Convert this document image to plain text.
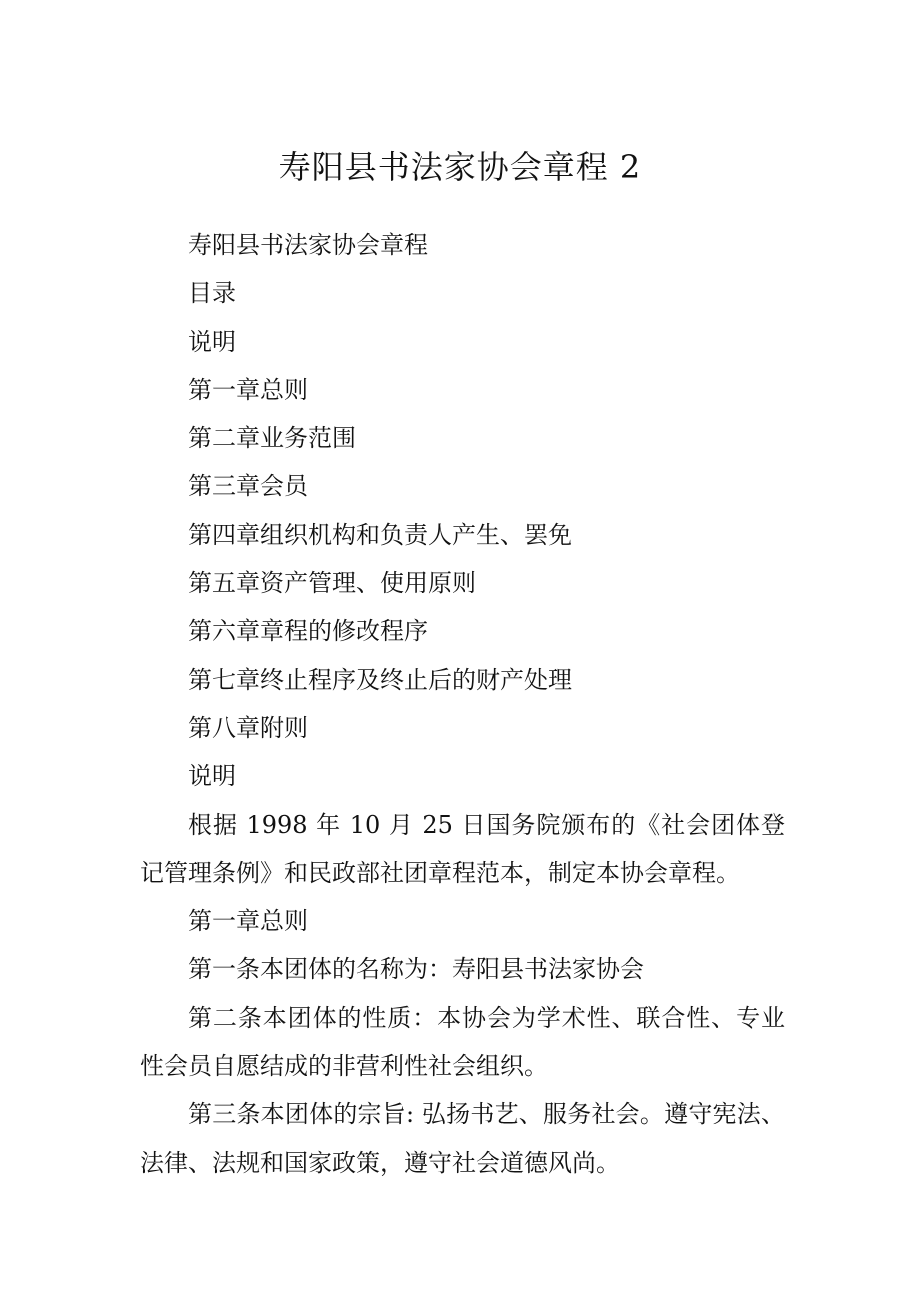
寿阳县书法家协会章程 2

寿阳县书法家协会章程

目录

说明

第一章总则

第二章业务范围

第三章会员

第四章组织机构和负责人产生、罢免

第五章资产管理、使用原则

第六章章程的修改程序

第七章终止程序及终止后的财产处理

第八章附则

说明

根据 1998 年 10 月 25 日国务院颁布的《社会团体登记管理条例》和民政部社团章程范本，制定本协会章程。

第一章总则

第一条本团体的名称为：寿阳县书法家协会

第二条本团体的性质：本协会为学术性、联合性、专业性会员自愿结成的非营利性社会组织。

第三条本团体的宗旨: 弘扬书艺、服务社会。遵守宪法、法律、法规和国家政策，遵守社会道德风尚。
